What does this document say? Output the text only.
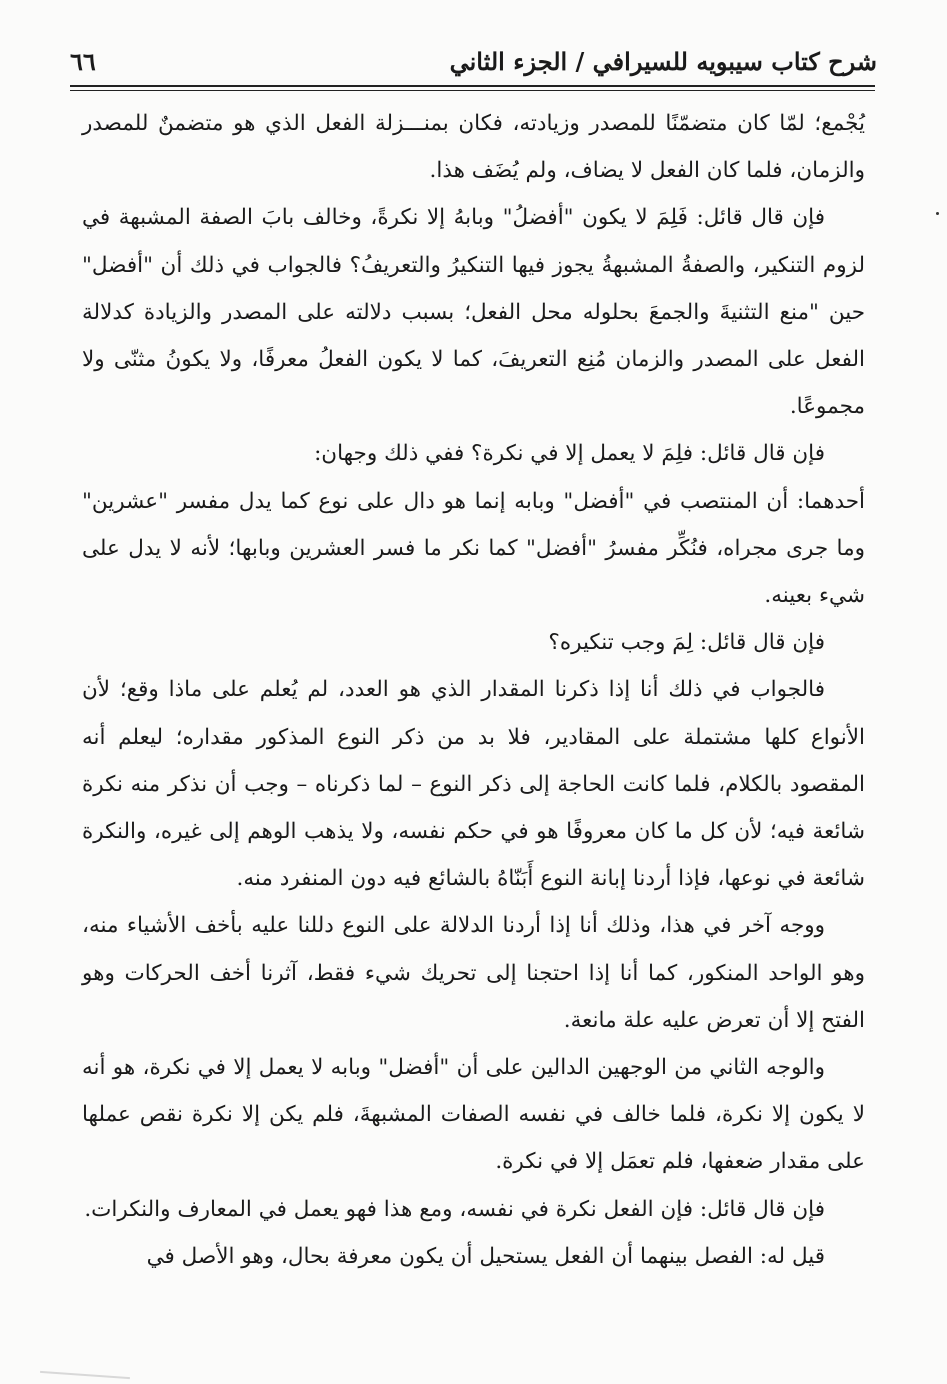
شرح كتاب سيبويه للسيرافي / الجزء الثاني
٦٦

يُجْمع؛ لمّا كان متضمّنًا للمصدر وزيادته، فكان بمنـــزلة الفعل الذي هو متضمنٌ للمصدر والزمان، فلما كان الفعل لا يضاف، ولم يُضَف هذا.

فإن قال قائل: فَلِمَ لا يكون "أفضلُ" وبابهُ إلا نكرةً، وخالف بابَ الصفة المشبهة في لزوم التنكير، والصفةُ المشبهةُ يجوز فيها التنكيرُ والتعريفُ؟ فالجواب في ذلك أن "أفضل" حين "منع التثنيةَ والجمعَ بحلوله محل الفعل؛ بسبب دلالته على المصدر والزيادة كدلالة الفعل على المصدر والزمان مُنِع التعريفَ، كما لا يكون الفعلُ معرفًا، ولا يكونُ مثنّى ولا مجموعًا.

فإن قال قائل: فلِمَ لا يعمل إلا في نكرة؟ ففي ذلك وجهان:

أحدهما: أن المنتصب في "أفضل" وبابه إنما هو دال على نوع كما يدل مفسر "عشرين" وما جرى مجراه، فنُكِّر مفسرُ "أفضل" كما نكر ما فسر العشرين وبابها؛ لأنه لا يدل على شيء بعينه.

فإن قال قائل: لِمَ وجب تنكيره؟

فالجواب في ذلك أنا إذا ذكرنا المقدار الذي هو العدد، لم يُعلم على ماذا وقع؛ لأن الأنواع كلها مشتملة على المقادير، فلا بد من ذكر النوع المذكور مقداره؛ ليعلم أنه المقصود بالكلام، فلما كانت الحاجة إلى ذكر النوع – لما ذكرناه – وجب أن نذكر منه نكرة شائعة فيه؛ لأن كل ما كان معروفًا هو في حكم نفسه، ولا يذهب الوهم إلى غيره، والنكرة شائعة في نوعها، فإذا أردنا إبانة النوع أَبَنّاهُ بالشائع فيه دون المنفرد منه.

ووجه آخر في هذا، وذلك أنا إذا أردنا الدلالة على النوع دللنا عليه بأخف الأشياء منه، وهو الواحد المنكور، كما أنا إذا احتجنا إلى تحريك شيء فقط، آثرنا أخف الحركات وهو الفتح إلا أن تعرض عليه علة مانعة.

والوجه الثاني من الوجهين الدالين على أن "أفضل" وبابه لا يعمل إلا في نكرة، هو أنه لا يكون إلا نكرة، فلما خالف في نفسه الصفات المشبهةَ، فلم يكن إلا نكرة نقص عملها على مقدار ضعفها، فلم تعمَل إلا في نكرة.

فإن قال قائل: فإن الفعل نكرة في نفسه، ومع هذا فهو يعمل في المعارف والنكرات.

قيل له: الفصل بينهما أن الفعل يستحيل أن يكون معرفة بحال، وهو الأصل في
